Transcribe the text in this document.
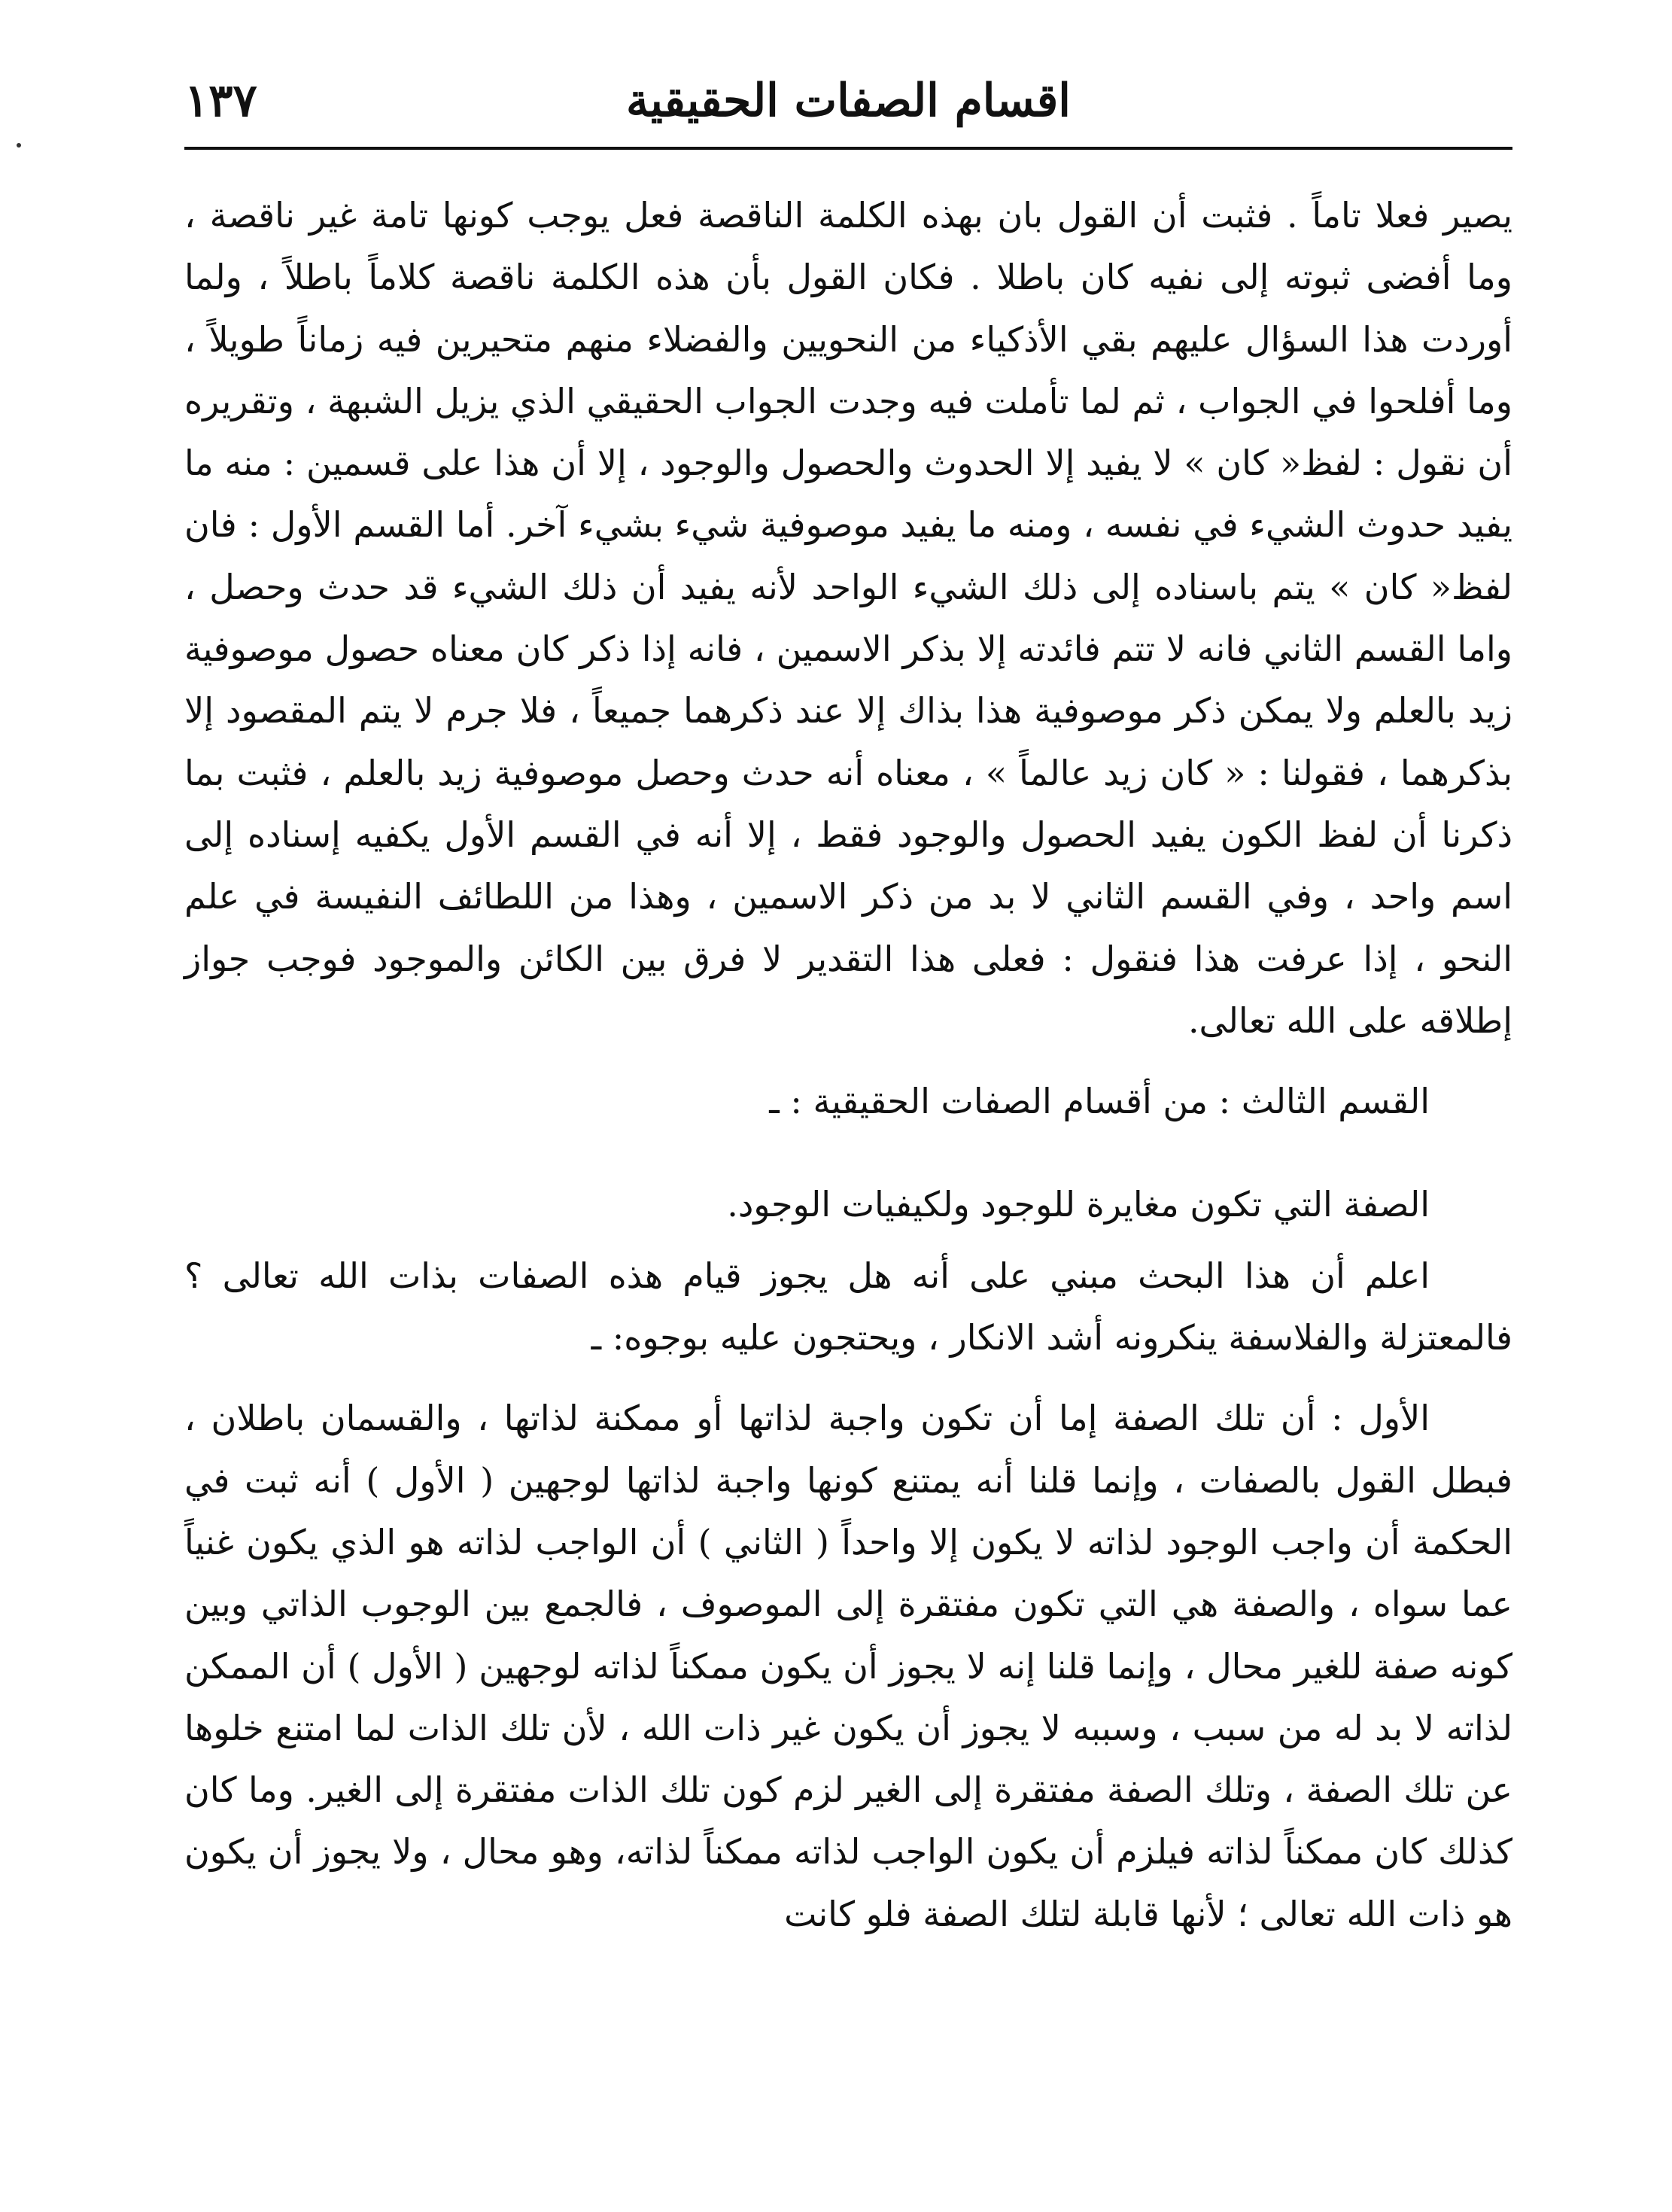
اقسام الصفات الحقيقية
١٣٧

يصير فعلا تاماً . فثبت أن القول بان بهذه الكلمة الناقصة فعل يوجب كونها تامة غير ناقصة ، وما أفضى ثبوته إلى نفيه كان باطلا . فكان القول بأن هذه الكلمة ناقصة كلاماً باطلاً ، ولما أوردت هذا السؤال عليهم بقي الأذكياء من النحويين والفضلاء منهم متحيرين فيه زماناً طويلاً ، وما أفلحوا في الجواب ، ثم لما تأملت فيه وجدت الجواب الحقيقي الذي يزيل الشبهة ، وتقريره أن نقول : لفظ« كان » لا يفيد إلا الحدوث والحصول والوجود ، إلا أن هذا على قسمين : منه ما يفيد حدوث الشيء في نفسه ، ومنه ما يفيد موصوفية شيء بشيء آخر. أما القسم الأول : فان لفظ« كان » يتم باسناده إلى ذلك الشيء الواحد لأنه يفيد أن ذلك الشيء قد حدث وحصل ، واما القسم الثاني فانه لا تتم فائدته إلا بذكر الاسمين ، فانه إذا ذكر كان معناه حصول موصوفية زيد بالعلم ولا يمكن ذكر موصوفية هذا بذاك إلا عند ذكرهما جميعاً ، فلا جرم لا يتم المقصود إلا بذكرهما ، فقولنا : « كان زيد عالماً » ، معناه أنه حدث وحصل موصوفية زيد بالعلم ، فثبت بما ذكرنا أن لفظ الكون يفيد الحصول والوجود فقط ، إلا أنه في القسم الأول يكفيه إسناده إلى اسم واحد ، وفي القسم الثاني لا بد من ذكر الاسمين ، وهذا من اللطائف النفيسة في علم النحو ، إذا عرفت هذا فنقول : فعلى هذا التقدير لا فرق بين الكائن والموجود فوجب جواز إطلاقه على الله تعالى.

القسم الثالث : من أقسام الصفات الحقيقية : ـ

الصفة التي تكون مغايرة للوجود ولكيفيات الوجود.

اعلم أن هذا البحث مبني على أنه هل يجوز قيام هذه الصفات بذات الله تعالى ؟ فالمعتزلة والفلاسفة ينكرونه أشد الانكار ، ويحتجون عليه بوجوه: ـ

الأول : أن تلك الصفة إما أن تكون واجبة لذاتها أو ممكنة لذاتها ، والقسمان باطلان ، فبطل القول بالصفات ، وإنما قلنا أنه يمتنع كونها واجبة لذاتها لوجهين ( الأول ) أنه ثبت في الحكمة أن واجب الوجود لذاته لا يكون إلا واحداً ( الثاني ) أن الواجب لذاته هو الذي يكون غنياً عما سواه ، والصفة هي التي تكون مفتقرة إلى الموصوف ، فالجمع بين الوجوب الذاتي وبين كونه صفة للغير محال ، وإنما قلنا إنه لا يجوز أن يكون ممكناً لذاته لوجهين ( الأول ) أن الممكن لذاته لا بد له من سبب ، وسببه لا يجوز أن يكون غير ذات الله ، لأن تلك الذات لما امتنع خلوها عن تلك الصفة ، وتلك الصفة مفتقرة إلى الغير لزم كون تلك الذات مفتقرة إلى الغير. وما كان كذلك كان ممكناً لذاته فيلزم أن يكون الواجب لذاته ممكناً لذاته، وهو محال ، ولا يجوز أن يكون هو ذات الله تعالى ؛ لأنها قابلة لتلك الصفة فلو كانت
